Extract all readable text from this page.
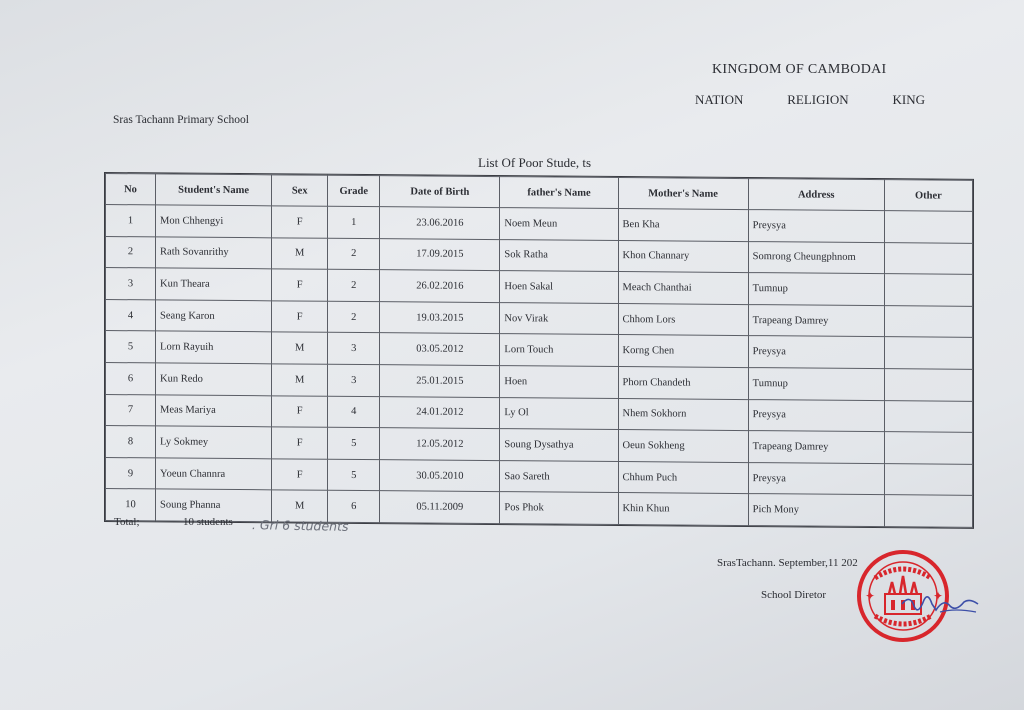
KINGDOM OF CAMBODAI
NATION	RELIGION	KING
Sras Tachann Primary School
List Of Poor Stude, ts
No	Student's Name	Sex	Grade	Date of Birth	father's Name	Mother's Name	Address	Other
1	Mon Chhengyi	F	1	23.06.2016	Noem Meun	Ben Kha	Preysya	
2	Rath Sovanrithy	M	2	17.09.2015	Sok Ratha	Khon Channary	Somrong Cheungphnom	
3	Kun Theara	F	2	26.02.2016	Hoen Sakal	Meach Chanthai	Tumnup	
4	Seang Karon	F	2	19.03.2015	Nov Virak	Chhom Lors	Trapeang Damrey	
5	Lorn Rayuih	M	3	03.05.2012	Lorn Touch	Korng Chen	Preysya	
6	Kun Redo	M	3	25.01.2015	Hoen	Phorn Chandeth	Tumnup	
7	Meas Mariya	F	4	24.01.2012	Ly Ol	Nhem Sokhorn	Preysya	
8	Ly Sokmey	F	5	12.05.2012	Soung Dysathya	Oeun Sokheng	Trapeang Damrey	
9	Yoeun Channra	F	5	30.05.2010	Sao Sareth	Chhum Puch	Preysya	
10	Soung Phanna	M	6	05.11.2009	Pos Phok	Khin Khun	Pich Mony	
Total;	10 students . Grl 6 students
SrasTachann. September,11 202
School Diretor	✦	✦
